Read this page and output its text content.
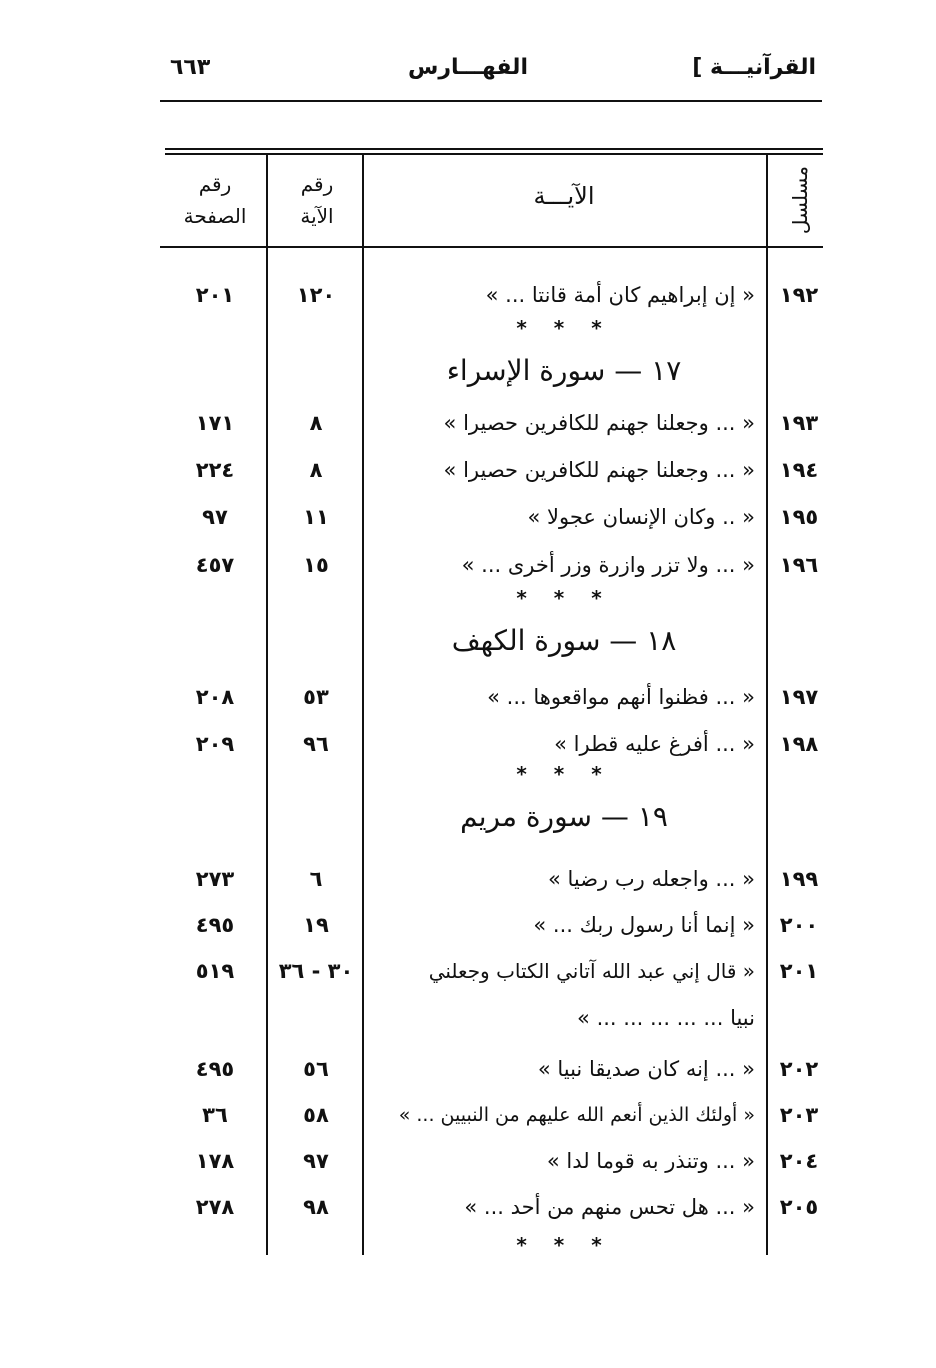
القرآنيـــة ]
الفهـــارس
٦٦٣
مسلسل
الآيـــة
رقم الآية
رقم الصفحة
١٩٢
« إن إبراهيم كان أمة قانتا ... »
١٢٠
٢٠١
* * *
١٧ — سورة الإسراء
١٩٣
« ... وجعلنا جهنم للكافرين حصيرا »
٨
١٧١
١٩٤
« ... وجعلنا جهنم للكافرين حصيرا »
٨
٢٢٤
١٩٥
« .. وكان الإنسان عجولا »
١١
٩٧
١٩٦
« ... ولا تزر وازرة وزر أخرى ... »
١٥
٤٥٧
* * *
١٨ — سورة الكهف
١٩٧
« ... فظنوا أنهم مواقعوها ... »
٥٣
٢٠٨
١٩٨
« ... أفرغ عليه قطرا »
٩٦
٢٠٩
* * *
١٩ — سورة مريم
١٩٩
« ... واجعله رب رضيا »
٦
٢٧٣
٢٠٠
« إنما أنا رسول ربك ... »
١٩
٤٩٥
٢٠١
« قال إني عبد الله آتاني الكتاب وجعلني
٣٠ - ٣٦
٥١٩
نبيا ... ... ... ... ... »
٢٠٢
« ... إنه كان صديقا نبيا »
٥٦
٤٩٥
٢٠٣
« أولئك الذين أنعم الله عليهم من النبيين ... »
٥٨
٣٦
٢٠٤
« ... وتنذر به قوما لدا »
٩٧
١٧٨
٢٠٥
« ... هل تحس منهم من أحد ... »
٩٨
٢٧٨
* * *
